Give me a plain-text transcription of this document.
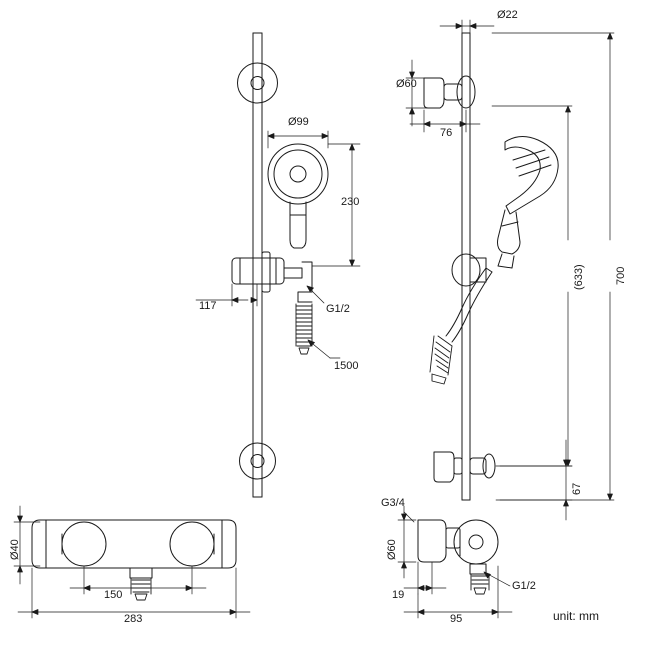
Ø99
230
117	G1/2
1500
Ø22
Ø60
76
(633)	700
67
Ø40
150
283
G3/4
Ø60
19
95
G1/2
unit: mm
